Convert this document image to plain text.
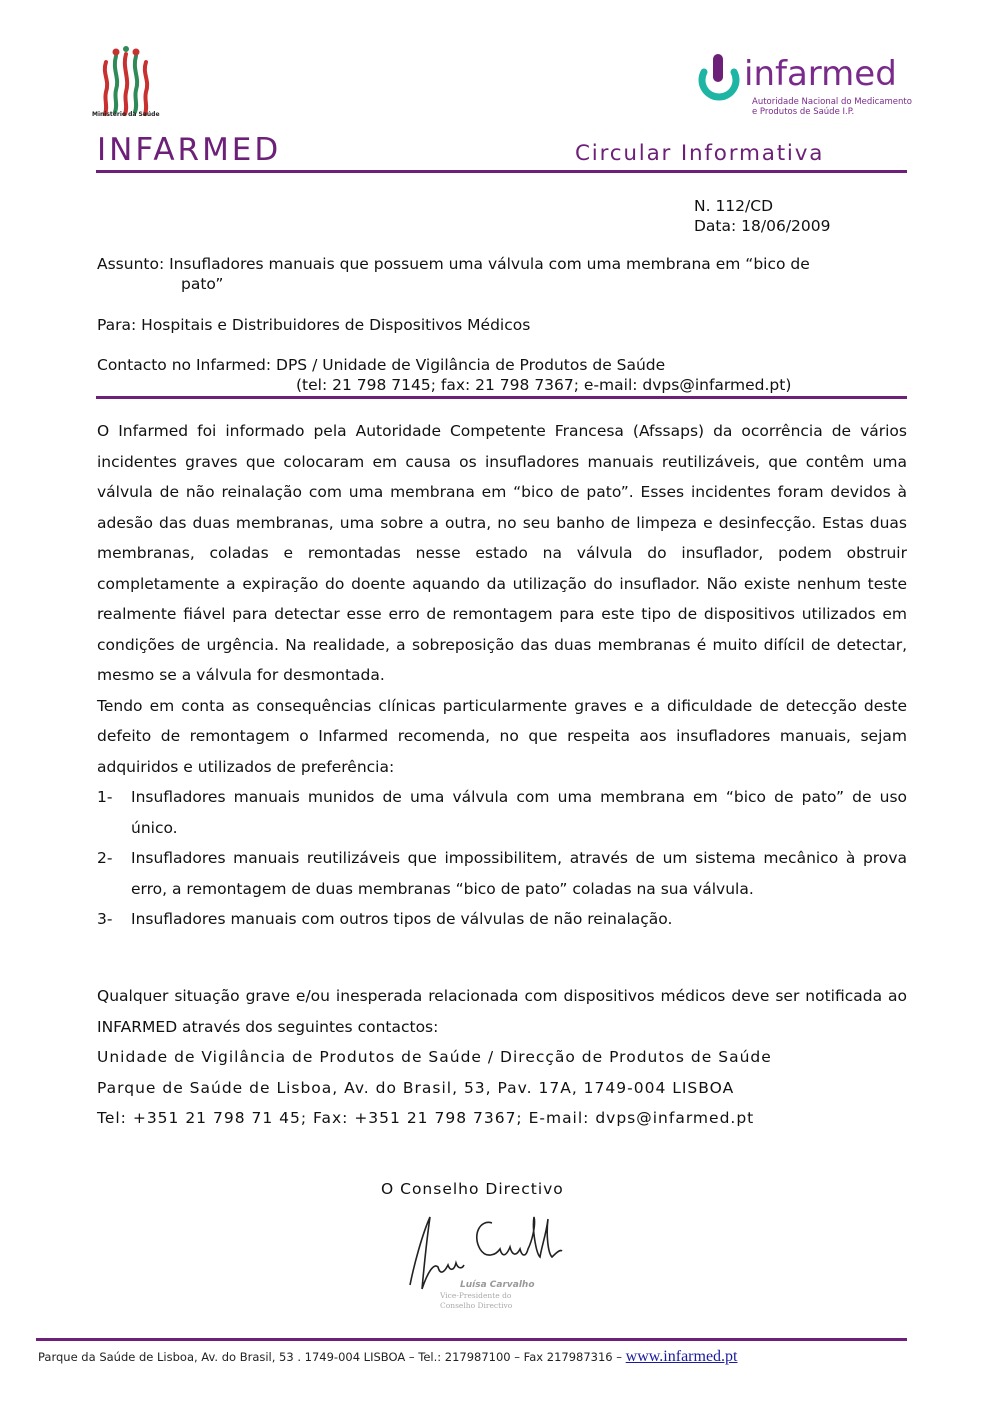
Ministério da Saúde
infarmed
Autoridade Nacional do Medicamento
e Produtos de Saúde I.P.
INFARMED	Circular Informativa
N. 112/CD
Data: 18/06/2009
Assunto: Insufladores manuais que possuem uma válvula com uma membrana em “bico de
pato”
Para: Hospitais e Distribuidores de Dispositivos Médicos
Contacto no Infarmed: DPS / Unidade de Vigilância de Produtos de Saúde
(tel: 21 798 7145; fax: 21 798 7367; e-mail: dvps@infarmed.pt)
O Infarmed foi informado pela Autoridade Competente Francesa (Afssaps) da ocorrência de vários incidentes graves que colocaram em causa os insufladores manuais reutilizáveis, que contêm uma válvula de não reinalação com uma membrana em “bico de pato”. Esses incidentes foram devidos à adesão das duas membranas, uma sobre a outra, no seu banho de limpeza e desinfecção. Estas duas membranas, coladas e remontadas nesse estado na válvula do insuflador, podem obstruir completamente a expiração do doente aquando da utilização do insuflador. Não existe nenhum teste realmente fiável para detectar esse erro de remontagem para este tipo de dispositivos utilizados em condições de urgência. Na realidade, a sobreposição das duas membranas é muito difícil de detectar, mesmo se a válvula for desmontada.
Tendo em conta as consequências clínicas particularmente graves e a dificuldade de detecção deste defeito de remontagem o Infarmed recomenda, no que respeita aos insufladores manuais, sejam adquiridos e utilizados de preferência:
1-	Insufladores manuais munidos de uma válvula com uma membrana em “bico de pato” de uso único.
2-	Insufladores manuais reutilizáveis que impossibilitem, através de um sistema mecânico à prova erro, a remontagem de duas membranas “bico de pato” coladas na sua válvula.
3-	Insufladores manuais com outros tipos de válvulas de não reinalação.
Qualquer situação grave e/ou inesperada relacionada com dispositivos médicos deve ser notificada ao INFARMED através dos seguintes contactos:
Unidade de Vigilância de Produtos de Saúde / Direcção de Produtos de Saúde
Parque de Saúde de Lisboa, Av. do Brasil, 53, Pav. 17A, 1749-004 LISBOA
Tel: +351 21 798 71 45; Fax: +351 21 798 7367; E-mail: dvps@infarmed.pt
O Conselho Directivo
Luísa Carvalho
Vice-Presidente do
Conselho Directivo
Parque da Saúde de Lisboa, Av. do Brasil, 53 . 1749-004 LISBOA – Tel.: 217987100 – Fax 217987316 – www.infarmed.pt
